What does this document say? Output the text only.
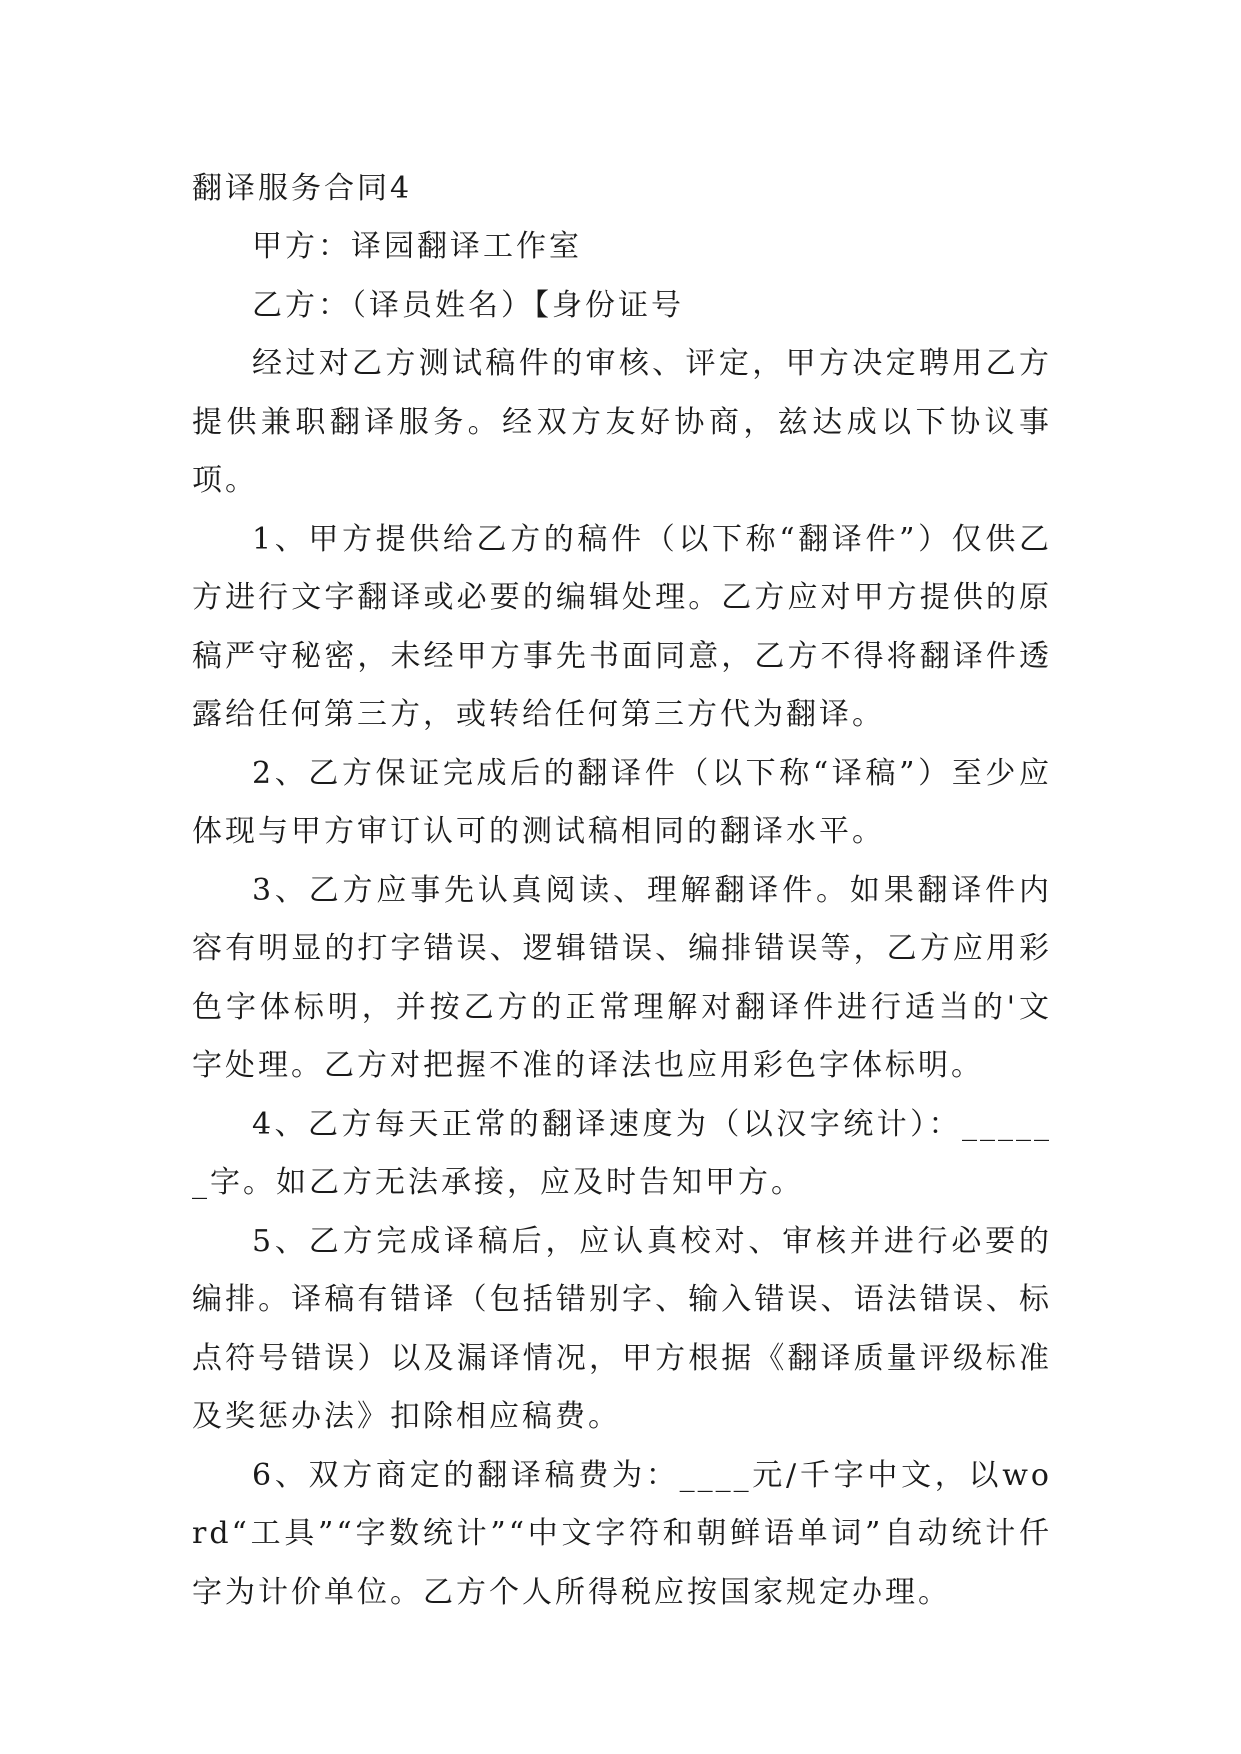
翻译服务合同4

甲方：译园翻译工作室

乙方：（译员姓名）【身份证号

经过对乙方测试稿件的审核、评定，甲方决定聘用乙方提供兼职翻译服务。经双方友好协商，兹达成以下协议事项。

1、甲方提供给乙方的稿件（以下称“翻译件”）仅供乙方进行文字翻译或必要的编辑处理。乙方应对甲方提供的原稿严守秘密，未经甲方事先书面同意，乙方不得将翻译件透露给任何第三方，或转给任何第三方代为翻译。

2、乙方保证完成后的翻译件（以下称“译稿”）至少应体现与甲方审订认可的测试稿相同的翻译水平。

3、乙方应事先认真阅读、理解翻译件。如果翻译件内容有明显的打字错误、逻辑错误、编排错误等，乙方应用彩色字体标明，并按乙方的正常理解对翻译件进行适当的'文字处理。乙方对把握不准的译法也应用彩色字体标明。

4、乙方每天正常的翻译速度为（以汉字统计）：______字。如乙方无法承接，应及时告知甲方。

5、乙方完成译稿后，应认真校对、审核并进行必要的编排。译稿有错译（包括错别字、输入错误、语法错误、标点符号错误）以及漏译情况，甲方根据《翻译质量评级标准及奖惩办法》扣除相应稿费。

6、双方商定的翻译稿费为：____元/千字中文，以word“工具”“字数统计”“中文字符和朝鲜语单词”自动统计仟字为计价单位。乙方个人所得税应按国家规定办理。
